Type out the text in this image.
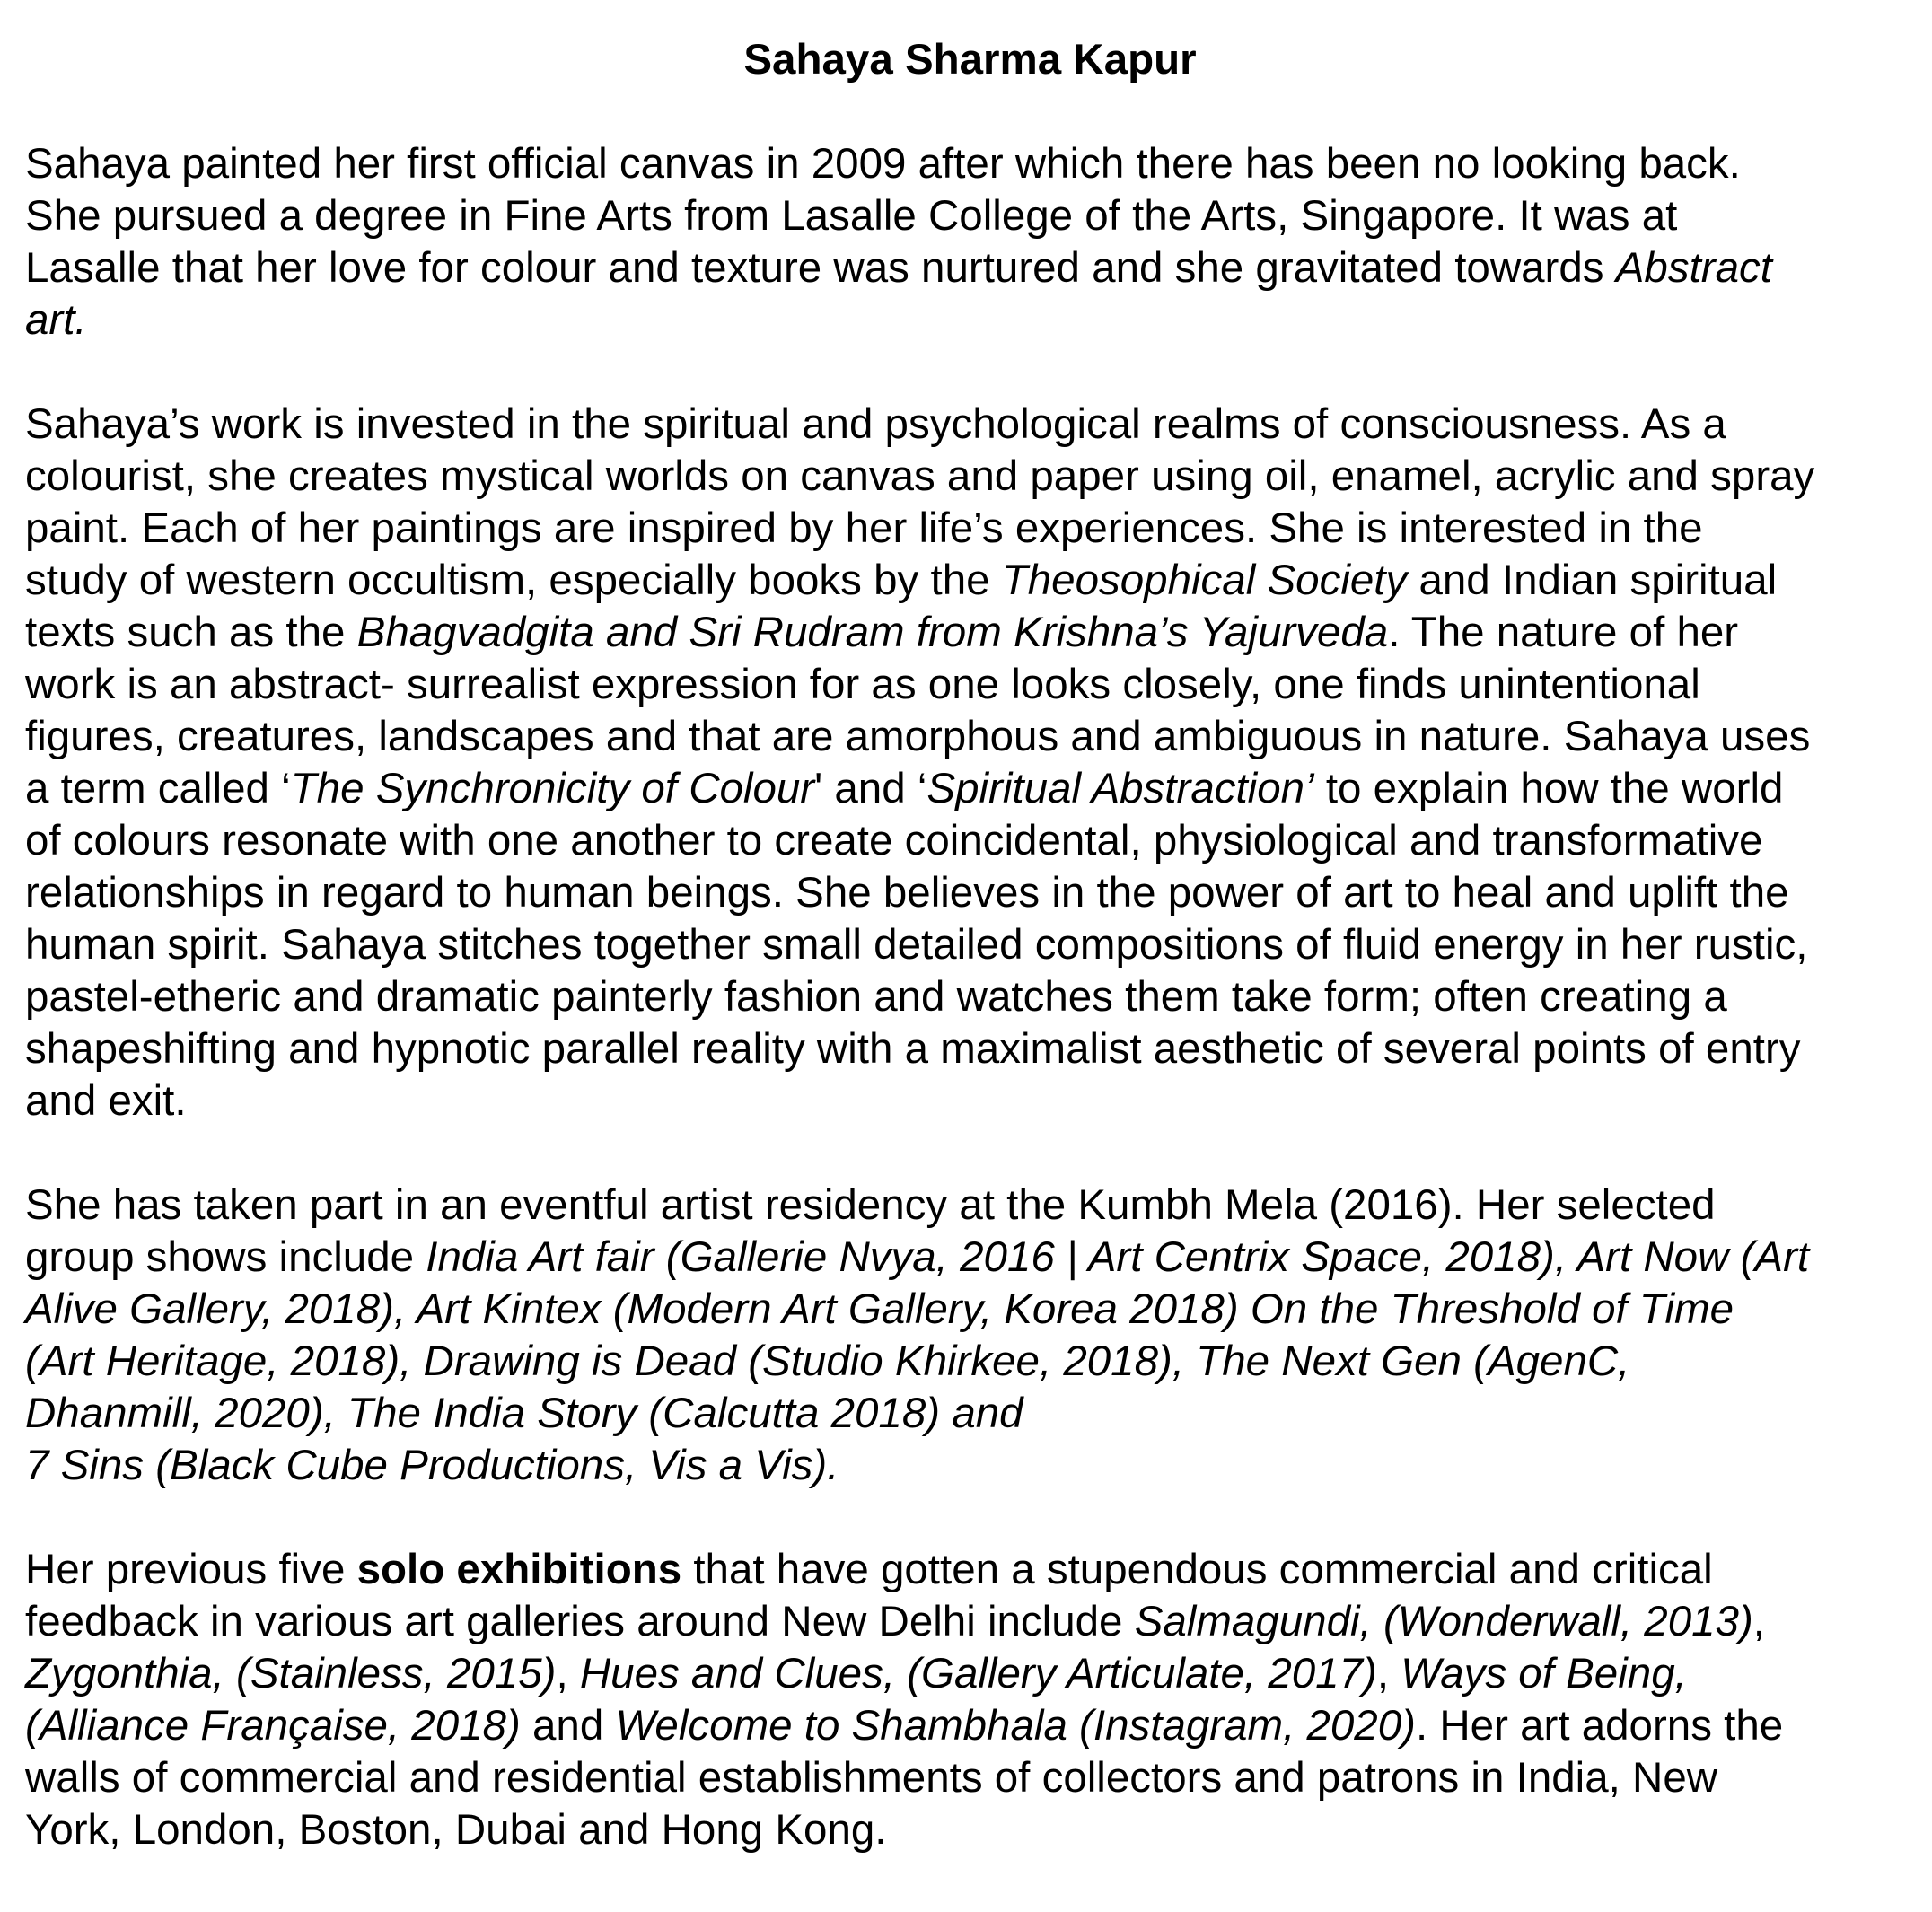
Sahaya Sharma Kapur
Sahaya painted her first official canvas in 2009 after which there has been no looking back.
She pursued a degree in Fine Arts from Lasalle College of the Arts, Singapore. It was at
Lasalle that her love for colour and texture was nurtured and she gravitated towards Abstract
art.
Sahaya’s work is invested in the spiritual and psychological realms of consciousness. As a
colourist, she creates mystical worlds on canvas and paper using oil, enamel, acrylic and spray
paint. Each of her paintings are inspired by her life’s experiences. She is interested in the
study of western occultism, especially books by the Theosophical Society and Indian spiritual
texts such as the Bhagvadgita and Sri Rudram from Krishna’s Yajurveda. The nature of her
work is an abstract- surrealist expression for as one looks closely, one finds unintentional
figures, creatures, landscapes and that are amorphous and ambiguous in nature. Sahaya uses
a term called ‘The Synchronicity of Colour' and ‘Spiritual Abstraction’ to explain how the world
of colours resonate with one another to create coincidental, physiological and transformative
relationships in regard to human beings. She believes in the power of art to heal and uplift the
human spirit. Sahaya stitches together small detailed compositions of fluid energy in her rustic,
pastel-etheric and dramatic painterly fashion and watches them take form; often creating a
shapeshifting and hypnotic parallel reality with a maximalist aesthetic of several points of entry
and exit.
She has taken part in an eventful artist residency at the Kumbh Mela (2016). Her selected
group shows include India Art fair (Gallerie Nvya, 2016 | Art Centrix Space, 2018), Art Now (Art
Alive Gallery, 2018), Art Kintex (Modern Art Gallery, Korea 2018) On the Threshold of Time
(Art Heritage, 2018), Drawing is Dead (Studio Khirkee, 2018), The Next Gen (AgenC,
Dhanmill, 2020), The India Story (Calcutta 2018) and
7 Sins (Black Cube Productions, Vis a Vis).
Her previous five solo exhibitions that have gotten a stupendous commercial and critical
feedback in various art galleries around New Delhi include Salmagundi, (Wonderwall, 2013),
Zygonthia, (Stainless, 2015), Hues and Clues, (Gallery Articulate, 2017), Ways of Being,
(Alliance Française, 2018) and Welcome to Shambhala (Instagram, 2020). Her art adorns the
walls of commercial and residential establishments of collectors and patrons in India, New
York, London, Boston, Dubai and Hong Kong.
